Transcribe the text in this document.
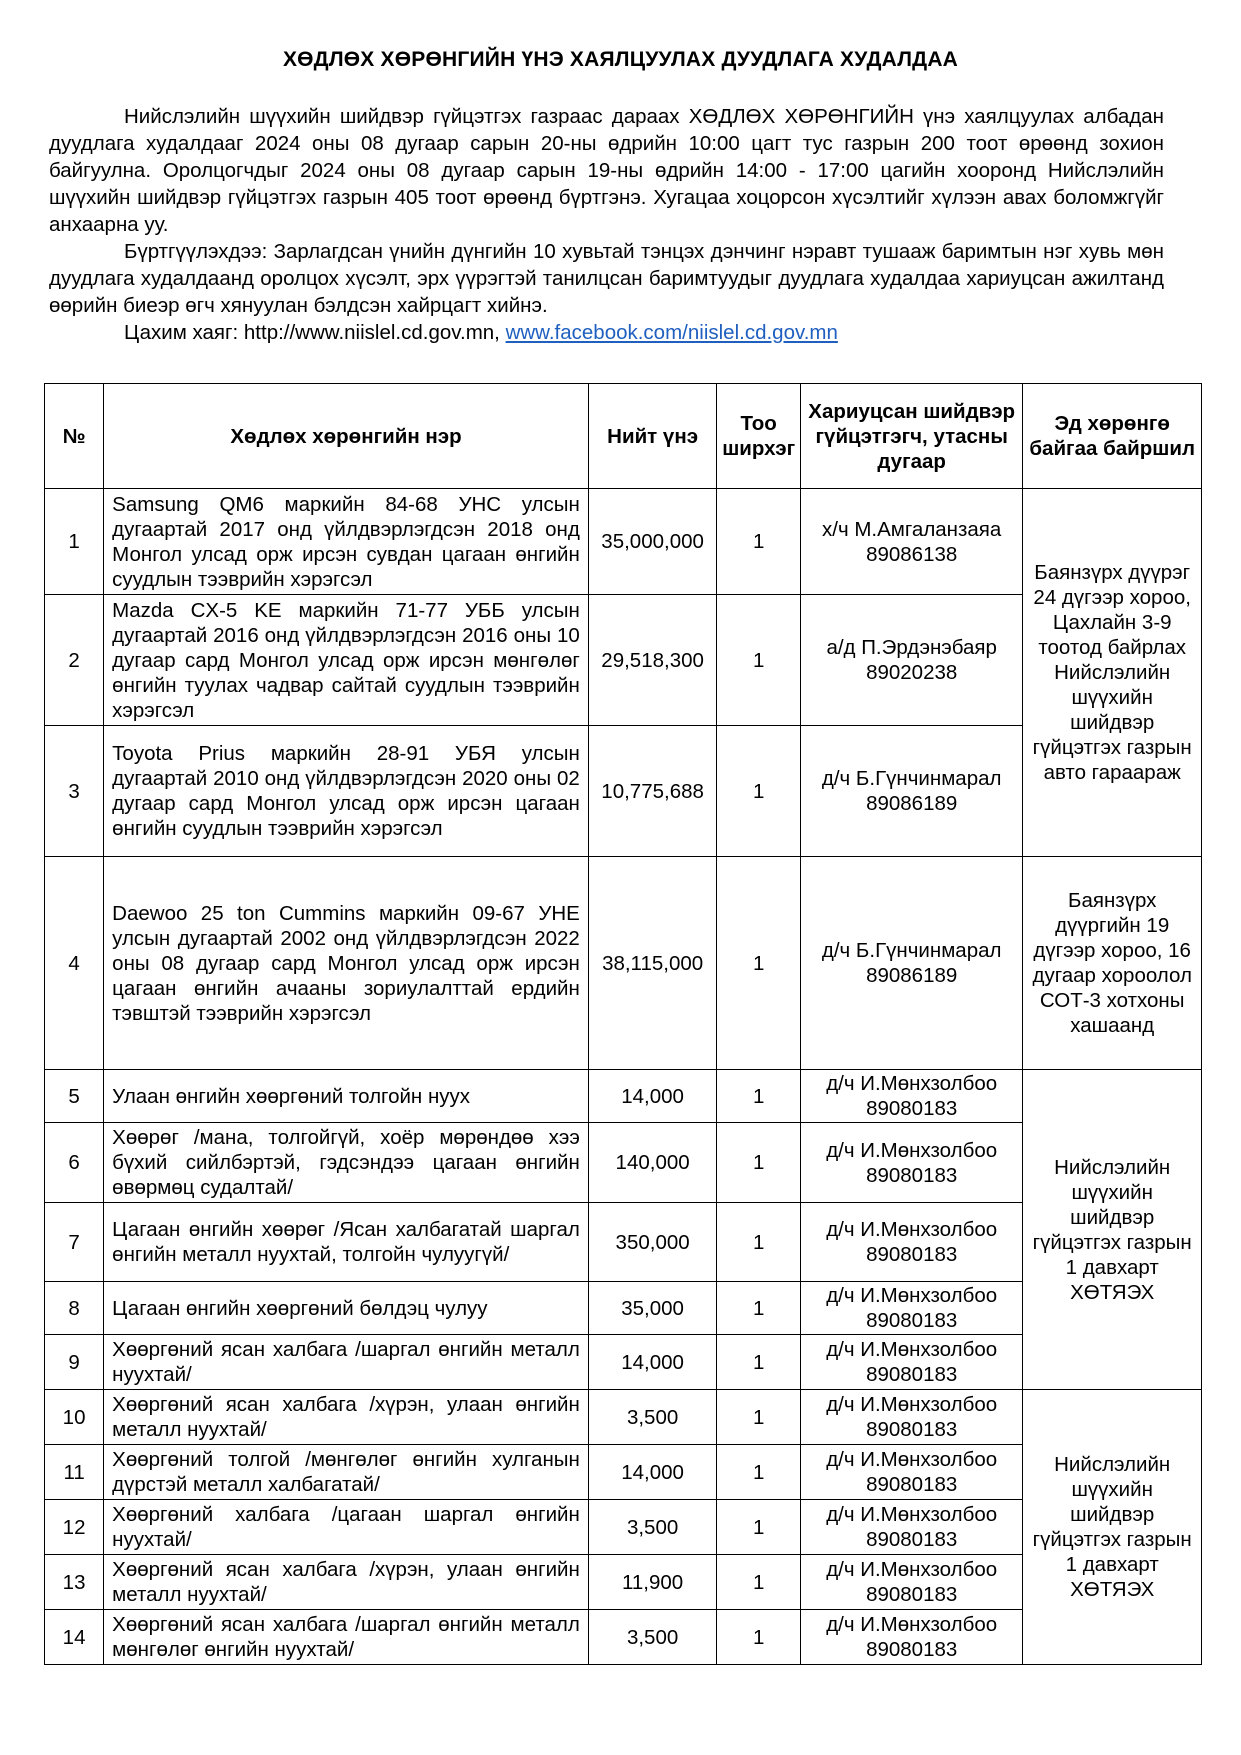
ХӨДЛӨХ ХӨРӨНГИЙН ҮНЭ ХАЯЛЦУУЛАХ ДУУДЛАГА ХУДАЛДАА

Нийслэлийн шүүхийн шийдвэр гүйцэтгэх газраас дараах ХӨДЛӨХ ХӨРӨНГИЙН үнэ хаялцуулах албадан дуудлага худалдааг 2024 оны 08 дугаар сарын 20-ны өдрийн 10:00 цагт тус газрын 200 тоот өрөөнд зохион байгуулна. Оролцогчдыг 2024 оны 08 дугаар сарын 19-ны өдрийн 14:00 - 17:00 цагийн хооронд Нийслэлийн шүүхийн шийдвэр гүйцэтгэх газрын 405 тоот өрөөнд бүртгэнэ. Хугацаа хоцорсон хүсэлтийг хүлээн авах боломжгүйг анхаарна уу.

Бүртгүүлэхдээ: Зарлагдсан үнийн дүнгийн 10 хувьтай тэнцэх дэнчинг нэравт тушааж баримтын нэг хувь мөн дуудлага худалдаанд оролцох хүсэлт, эрх үүрэгтэй танилцсан баримтуудыг дуудлага худалдаа хариуцсан ажилтанд өөрийн биеэр өгч хянуулан бэлдсэн хайрцагт хийнэ.

Цахим хаяг: http://www.niislel.cd.gov.mn, www.facebook.com/niislel.cd.gov.mn

№	Хөдлөх хөрөнгийн нэр	Нийт үнэ	Тоо ширхэг	Хариуцсан шийдвэр гүйцэтгэгч, утасны дугаар	Эд хөрөнгө байгаа байршил
1	Samsung QM6 маркийн 84-68 УНС улсын дугаартай 2017 онд үйлдвэрлэгдсэн 2018 онд Монгол улсад орж ирсэн сувдан цагаан өнгийн суудлын тээврийн хэрэгсэл	35,000,000	1	х/ч М.Амгаланзаяа 89086138	Баянзүрх дүүрэг 24 дүгээр хороо, Цахлайн 3-9 тоотод байрлах Нийслэлийн шүүхийн шийдвэр гүйцэтгэх газрын авто гараараж
2	Mazda CX-5 KE маркийн 71-77 УББ улсын дугаартай 2016 онд үйлдвэрлэгдсэн 2016 оны 10 дугаар сард Монгол улсад орж ирсэн мөнгөлөг өнгийн туулах чадвар сайтай суудлын тээврийн хэрэгсэл	29,518,300	1	а/д П.Эрдэнэбаяр 89020238	
3	Toyota Prius маркийн 28-91 УБЯ улсын дугаартай 2010 онд үйлдвэрлэгдсэн 2020 оны 02 дугаар сард Монгол улсад орж ирсэн цагаан өнгийн суудлын тээврийн хэрэгсэл	10,775,688	1	д/ч Б.Гүнчинмарал 89086189	
4	Daewoo 25 ton Cummins маркийн 09-67 УНЕ улсын дугаартай 2002 онд үйлдвэрлэгдсэн 2022 оны 08 дугаар сард Монгол улсад орж ирсэн цагаан өнгийн ачааны зориулалттай ердийн тэвштэй тээврийн хэрэгсэл	38,115,000	1	д/ч Б.Гүнчинмарал 89086189	Баянзүрх дүүргийн 19 дүгээр хороо, 16 дугаар хороолол СОТ-3 хотхоны хашаанд
5	Улаан өнгийн хөөргөний толгойн нуух	14,000	1	д/ч И.Мөнхзолбоо 89080183	Нийслэлийн шүүхийн шийдвэр гүйцэтгэх газрын 1 давхарт ХӨТЯЭХ
6	Хөөрөг /мана, толгойгүй, хоёр мөрөндөө хээ бүхий сийлбэртэй, гэдсэндээ цагаан өнгийн өвөрмөц судалтай/	140,000	1	д/ч И.Мөнхзолбоо 89080183	
7	Цагаан өнгийн хөөрөг /Ясан халбагатай шаргал өнгийн металл нуухтай, толгойн чулуугүй/	350,000	1	д/ч И.Мөнхзолбоо 89080183	
8	Цагаан өнгийн хөөргөний бөлдэц чулуу	35,000	1	д/ч И.Мөнхзолбоо 89080183	
9	Хөөргөний ясан халбага /шаргал өнгийн металл нуухтай/	14,000	1	д/ч И.Мөнхзолбоо 89080183	
10	Хөөргөний ясан халбага /хүрэн, улаан өнгийн металл нуухтай/	3,500	1	д/ч И.Мөнхзолбоо 89080183	Нийслэлийн шүүхийн шийдвэр гүйцэтгэх газрын 1 давхарт ХӨТЯЭХ
11	Хөөргөний толгой /мөнгөлөг өнгийн хулганын дүрстэй металл халбагатай/	14,000	1	д/ч И.Мөнхзолбоо 89080183	
12	Хөөргөний халбага /цагаан шаргал өнгийн нуухтай/	3,500	1	д/ч И.Мөнхзолбоо 89080183	
13	Хөөргөний ясан халбага /хүрэн, улаан өнгийн металл нуухтай/	11,900	1	д/ч И.Мөнхзолбоо 89080183	
14	Хөөргөний ясан халбага /шаргал өнгийн металл мөнгөлөг өнгийн нуухтай/	3,500	1	д/ч И.Мөнхзолбоо 89080183	
